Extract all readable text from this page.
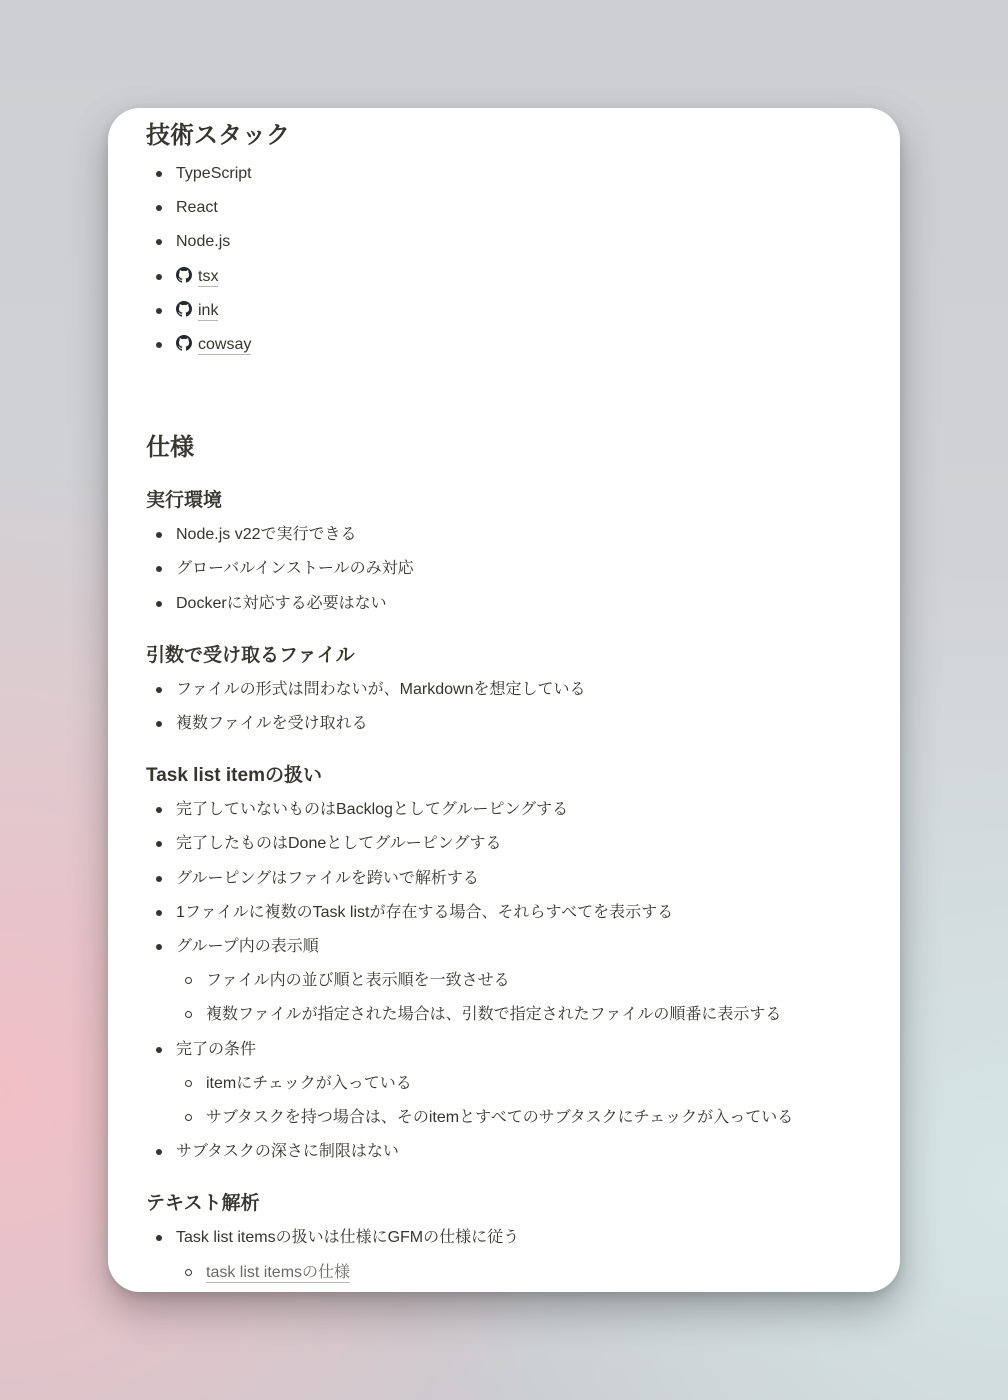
技術スタック
TypeScript
React
Node.js
tsx
ink
cowsay
仕様
実行環境
Node.js v22で実行できる
グローバルインストールのみ対応
Dockerに対応する必要はない
引数で受け取るファイル
ファイルの形式は問わないが、Markdownを想定している
複数ファイルを受け取れる
Task list itemの扱い
完了していないものはBacklogとしてグルーピングする
完了したものはDoneとしてグルーピングする
グルーピングはファイルを跨いで解析する
1ファイルに複数のTask listが存在する場合、それらすべてを表示する
グループ内の表示順
ファイル内の並び順と表示順を一致させる
複数ファイルが指定された場合は、引数で指定されたファイルの順番に表示する
完了の条件
itemにチェックが入っている
サブタスクを持つ場合は、そのitemとすべてのサブタスクにチェックが入っている
サブタスクの深さに制限はない
テキスト解析
Task list itemsの扱いは仕様にGFMの仕様に従う
task list itemsの仕様
